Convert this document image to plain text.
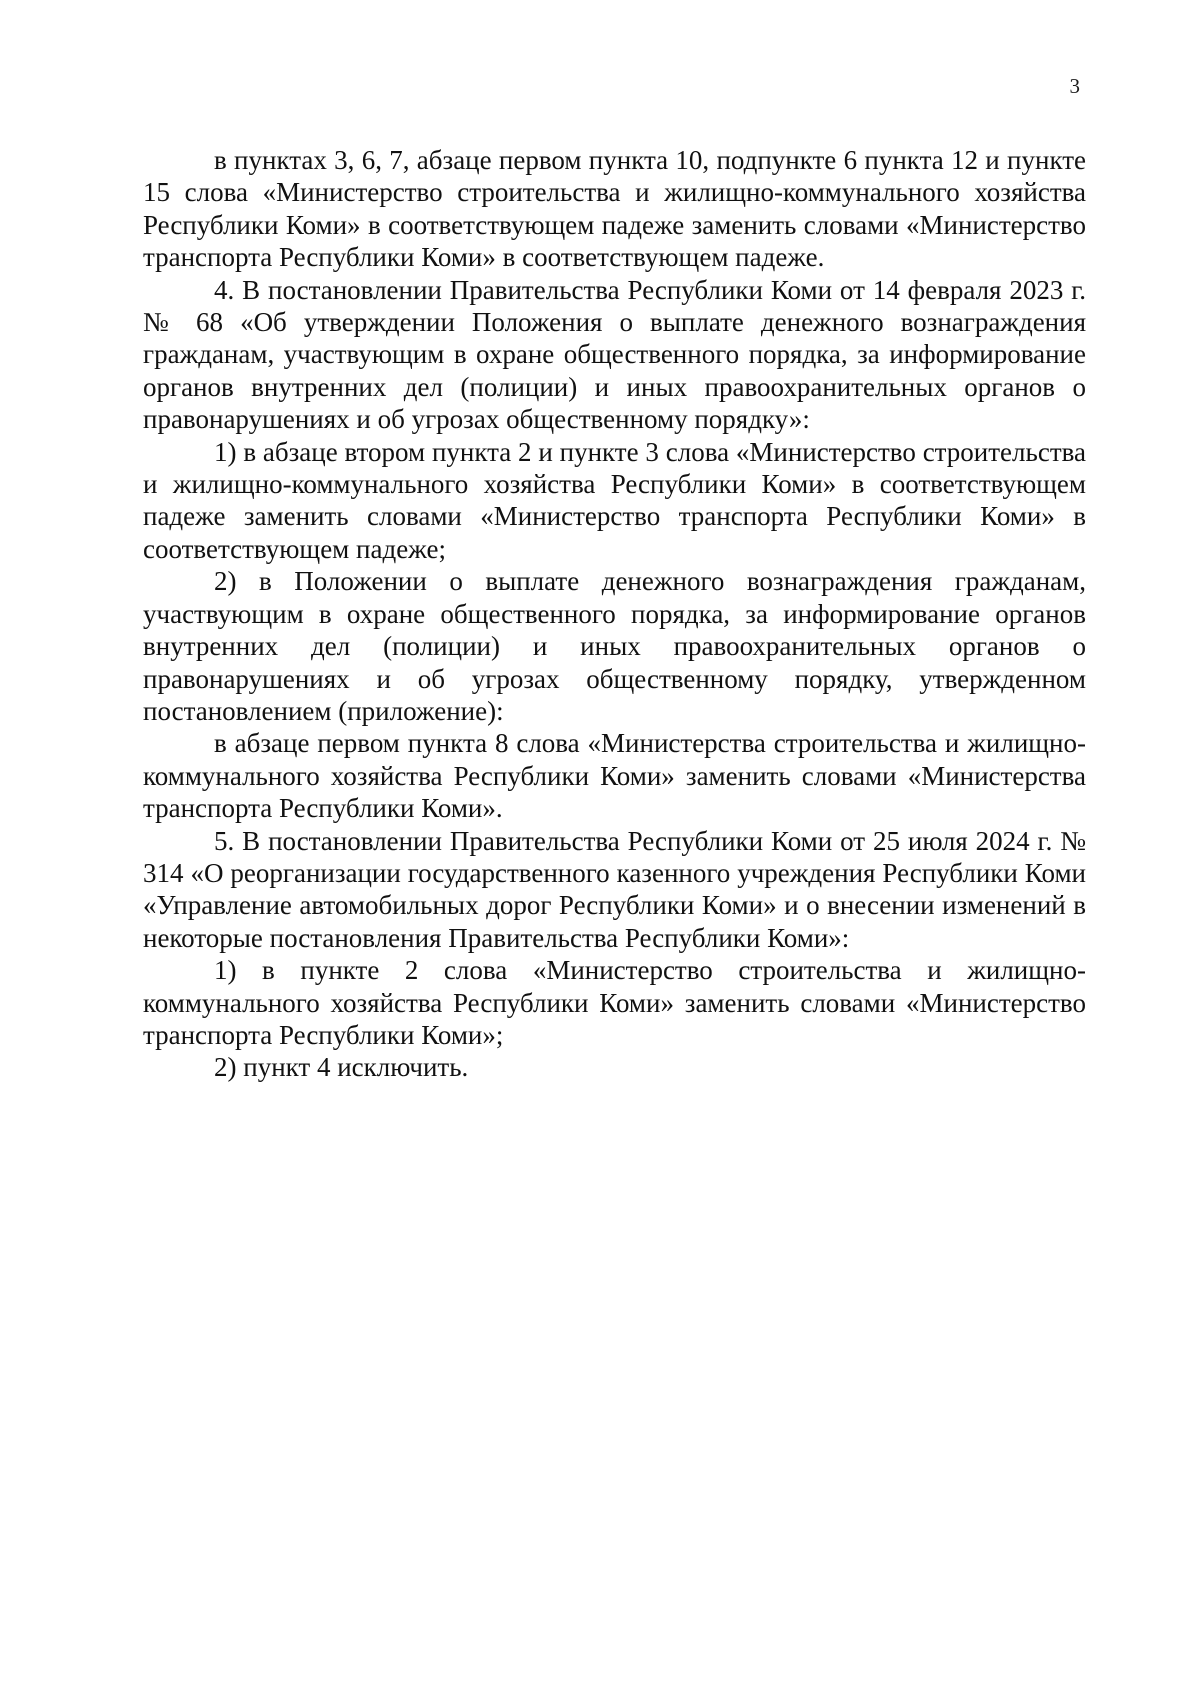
3

в пунктах 3, 6, 7, абзаце первом пункта 10, подпункте 6 пункта 12 и пункте 15 слова «Министерство строительства и жилищно-коммунального хозяйства Республики Коми» в соответствующем падеже заменить словами «Министерство транспорта Республики Коми» в соответствующем падеже.

4. В постановлении Правительства Республики Коми от 14 февраля 2023 г. № 68 «Об утверждении Положения о выплате денежного вознаграждения гражданам, участвующим в охране общественного порядка, за информирование органов внутренних дел (полиции) и иных правоохранительных органов о правонарушениях и об угрозах общественному порядку»:

1) в абзаце втором пункта 2 и пункте 3 слова «Министерство строительства и жилищно-коммунального хозяйства Республики Коми» в соответствующем падеже заменить словами «Министерство транспорта Республики Коми» в соответствующем падеже;

2) в Положении о выплате денежного вознаграждения гражданам, участвующим в охране общественного порядка, за информирование органов внутренних дел (полиции) и иных правоохранительных органов о правонарушениях и об угрозах общественному порядку, утвержденном постановлением (приложение):

в абзаце первом пункта 8 слова «Министерства строительства и жилищно-коммунального хозяйства Республики Коми» заменить словами «Министерства транспорта Республики Коми».

5. В постановлении Правительства Республики Коми от 25 июля 2024 г. № 314 «О реорганизации государственного казенного учреждения Республики Коми «Управление автомобильных дорог Республики Коми» и о внесении изменений в некоторые постановления Правительства Республики Коми»:

1) в пункте 2 слова «Министерство строительства и жилищно-коммунального хозяйства Республики Коми» заменить словами «Министерство транспорта Республики Коми»;

2) пункт 4 исключить.
